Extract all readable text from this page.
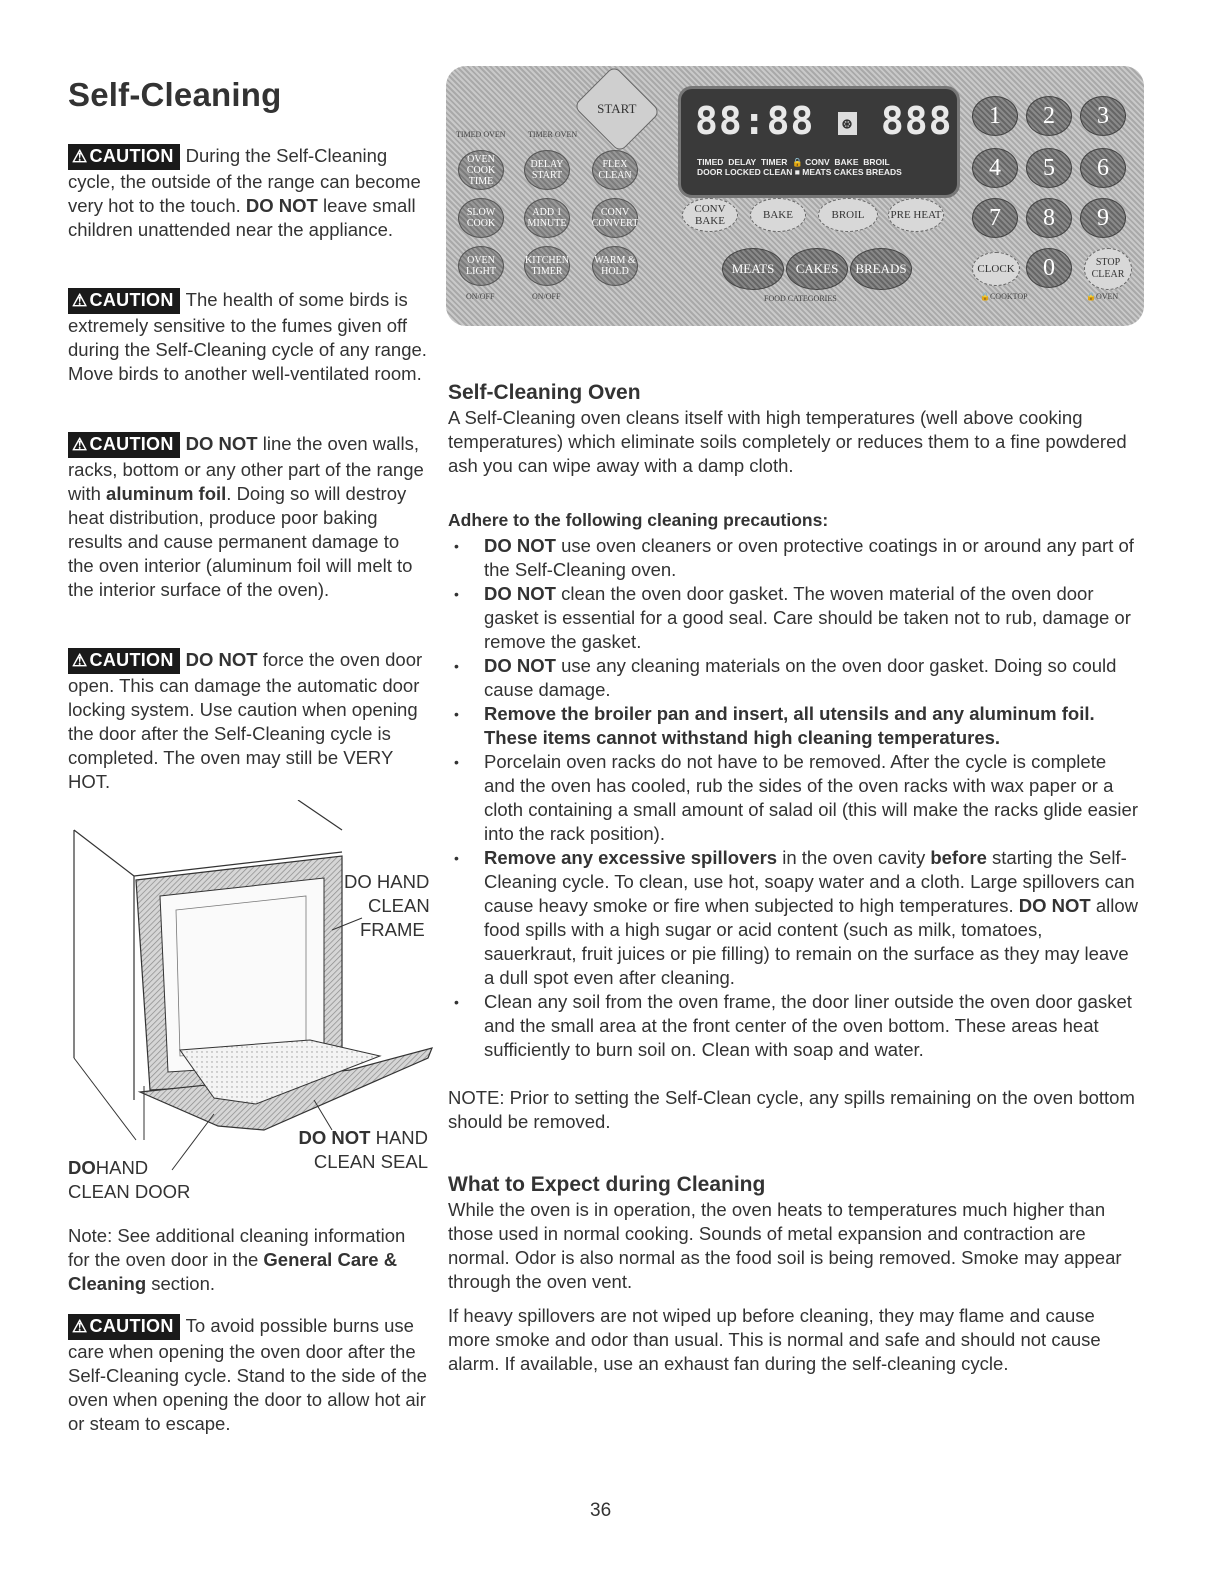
Self-Cleaning

⚠ CAUTION During the Self-Cleaning cycle, the outside of the range can become very hot to the touch. DO NOT leave small children unattended near the appliance.

⚠ CAUTION The health of some birds is extremely sensitive to the fumes given off during the Self-Cleaning cycle of any range. Move birds to another well-ventilated room.

⚠ CAUTION DO NOT line the oven walls, racks, bottom or any other part of the range with aluminum foil. Doing so will destroy heat distribution, produce poor baking results and cause permanent damage to the oven interior (aluminum foil will melt to the interior surface of the oven).

⚠ CAUTION DO NOT force the oven door open. This can damage the automatic door locking system. Use caution when opening the door after the Self-Cleaning cycle is completed. The oven may still be VERY HOT.

DO HAND
CLEAN
FRAME
DO NOT HAND
CLEAN SEAL
DOHAND
CLEAN DOOR

Note: See additional cleaning information for the oven door in the General Care & Cleaning section.

⚠ CAUTION To avoid possible burns use care when opening the oven door after the Self-Cleaning cycle. Stand to the side of the oven when opening the door to allow hot air or steam to escape.

TIMED OVEN	TIMER OVEN
START
OVEN COOK TIME
DELAY START
FLEX CLEAN
SLOW COOK
ADD 1 MINUTE
CONV CONVERT
OVEN LIGHT
KITCHEN TIMER
WARM & HOLD
ON/OFF	ON/OFF
88:88 ⊛ 888
TIMED DELAY TIMER 🔒 CONV BAKE BROIL
DOOR LOCKED CLEAN ■ MEATS CAKES BREADS
CONV BAKE	BAKE	BROIL	PRE HEAT
MEATS	CAKES	BREADS
FOOD CATEGORIES
1	2	3
4	5	6
7	8	9
CLOCK	0	STOP CLEAR
🔒COOKTOP	🔒OVEN

Self-Cleaning Oven

A Self-Cleaning oven cleans itself with high temperatures (well above cooking temperatures) which eliminate soils completely or reduces them to a fine powdered ash you can wipe away with a damp cloth.

Adhere to the following cleaning precautions:

• DO NOT use oven cleaners or oven protective coatings in or around any part of the Self-Cleaning oven.
• DO NOT clean the oven door gasket. The woven material of the oven door gasket is essential for a good seal. Care should be taken not to rub, damage or remove the gasket.
• DO NOT use any cleaning materials on the oven door gasket. Doing so could cause damage.
• Remove the broiler pan and insert, all utensils and any aluminum foil. These items cannot withstand high cleaning temperatures.
• Porcelain oven racks do not have to be removed. After the cycle is complete and the oven has cooled, rub the sides of the oven racks with wax paper or a cloth containing a small amount of salad oil (this will make the racks glide easier into the rack position).
• Remove any excessive spillovers in the oven cavity before starting the Self-Cleaning cycle. To clean, use hot, soapy water and a cloth. Large spillovers can cause heavy smoke or fire when subjected to high temperatures. DO NOT allow food spills with a high sugar or acid content (such as milk, tomatoes, sauerkraut, fruit juices or pie filling) to remain on the surface as they may leave a dull spot even after cleaning.
• Clean any soil from the oven frame, the door liner outside the oven door gasket and the small area at the front center of the oven bottom. These areas heat sufficiently to burn soil on. Clean with soap and water.

NOTE: Prior to setting the Self-Clean cycle, any spills remaining on the oven bottom should be removed.

What to Expect during Cleaning

While the oven is in operation, the oven heats to temperatures much higher than those used in normal cooking. Sounds of metal expansion and contraction are normal. Odor is also normal as the food soil is being removed. Smoke may appear through the oven vent.

If heavy spillovers are not wiped up before cleaning, they may flame and cause more smoke and odor than usual. This is normal and safe and should not cause alarm. If available, use an exhaust fan during the self-cleaning cycle.

36
